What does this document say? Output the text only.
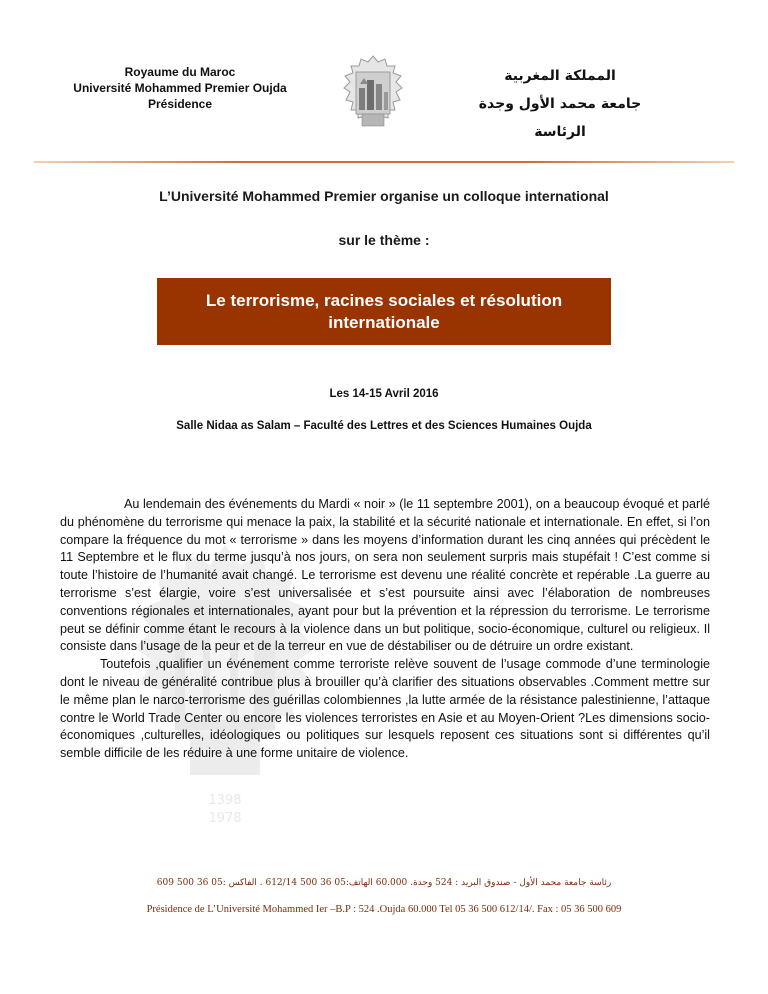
Royaume du Maroc
Université Mohammed Premier Oujda
Présidence
المملكة المغربية
جامعة محمد الأول وجدة
الرئاسة
L’Université Mohammed Premier organise un colloque international
sur le thème :
Le terrorisme, racines sociales et résolution internationale
Les 14-15 Avril 2016
Salle Nidaa as Salam – Faculté des Lettres et des Sciences Humaines Oujda
1398
1978

Au lendemain des événements du Mardi « noir » (le 11 septembre 2001), on a beaucoup évoqué et parlé du phénomène du terrorisme qui menace la paix, la stabilité et la sécurité nationale et internationale. En effet, si l’on compare la fréquence du mot « terrorisme » dans les moyens d’information durant les cinq années qui précèdent le 11 Septembre et le flux du terme jusqu’à nos jours, on sera non seulement surpris mais stupéfait ! C’est comme si toute l’histoire de l’humanité avait changé. Le terrorisme est devenu une réalité concrète et repérable .La guerre au terrorisme s’est élargie, voire s’est universalisée et s’est poursuite ainsi avec l’élaboration de nombreuses conventions régionales et internationales, ayant pour but la prévention et la répression du terrorisme. Le terrorisme peut se définir comme étant le recours à la violence dans un but politique, socio-économique, culturel ou religieux. Il consiste dans l’usage de la peur et de la terreur en vue de déstabiliser ou de détruire un ordre existant.

Toutefois ,qualifier un événement comme terroriste relève souvent de l’usage commode d’une terminologie dont le niveau de généralité contribue plus à brouiller qu’à clarifier des situations observables .Comment mettre sur le même plan le narco-terrorisme des guérillas colombiennes ,la lutte armée de la résistance palestinienne, l’attaque contre le World Trade Center ou encore les violences terroristes en Asie et au Moyen-Orient ?Les dimensions socio-économiques ,culturelles, idéologiques ou politiques sur lesquels reposent ces situations sont si différentes qu’il semble difficile de les réduire à une forme unitaire de violence.

رئاسة جامعة محمد الأول - صندوق البريد : 524 وجدة. 60.000 الهاتف:05 36 500 612/14 . الفاكس :05 36 500 609
Présidence de L’Université Mohammed Ier –B.P : 524 .Oujda 60.000 Tel 05 36 500 612/14/. Fax : 05 36 500 609
